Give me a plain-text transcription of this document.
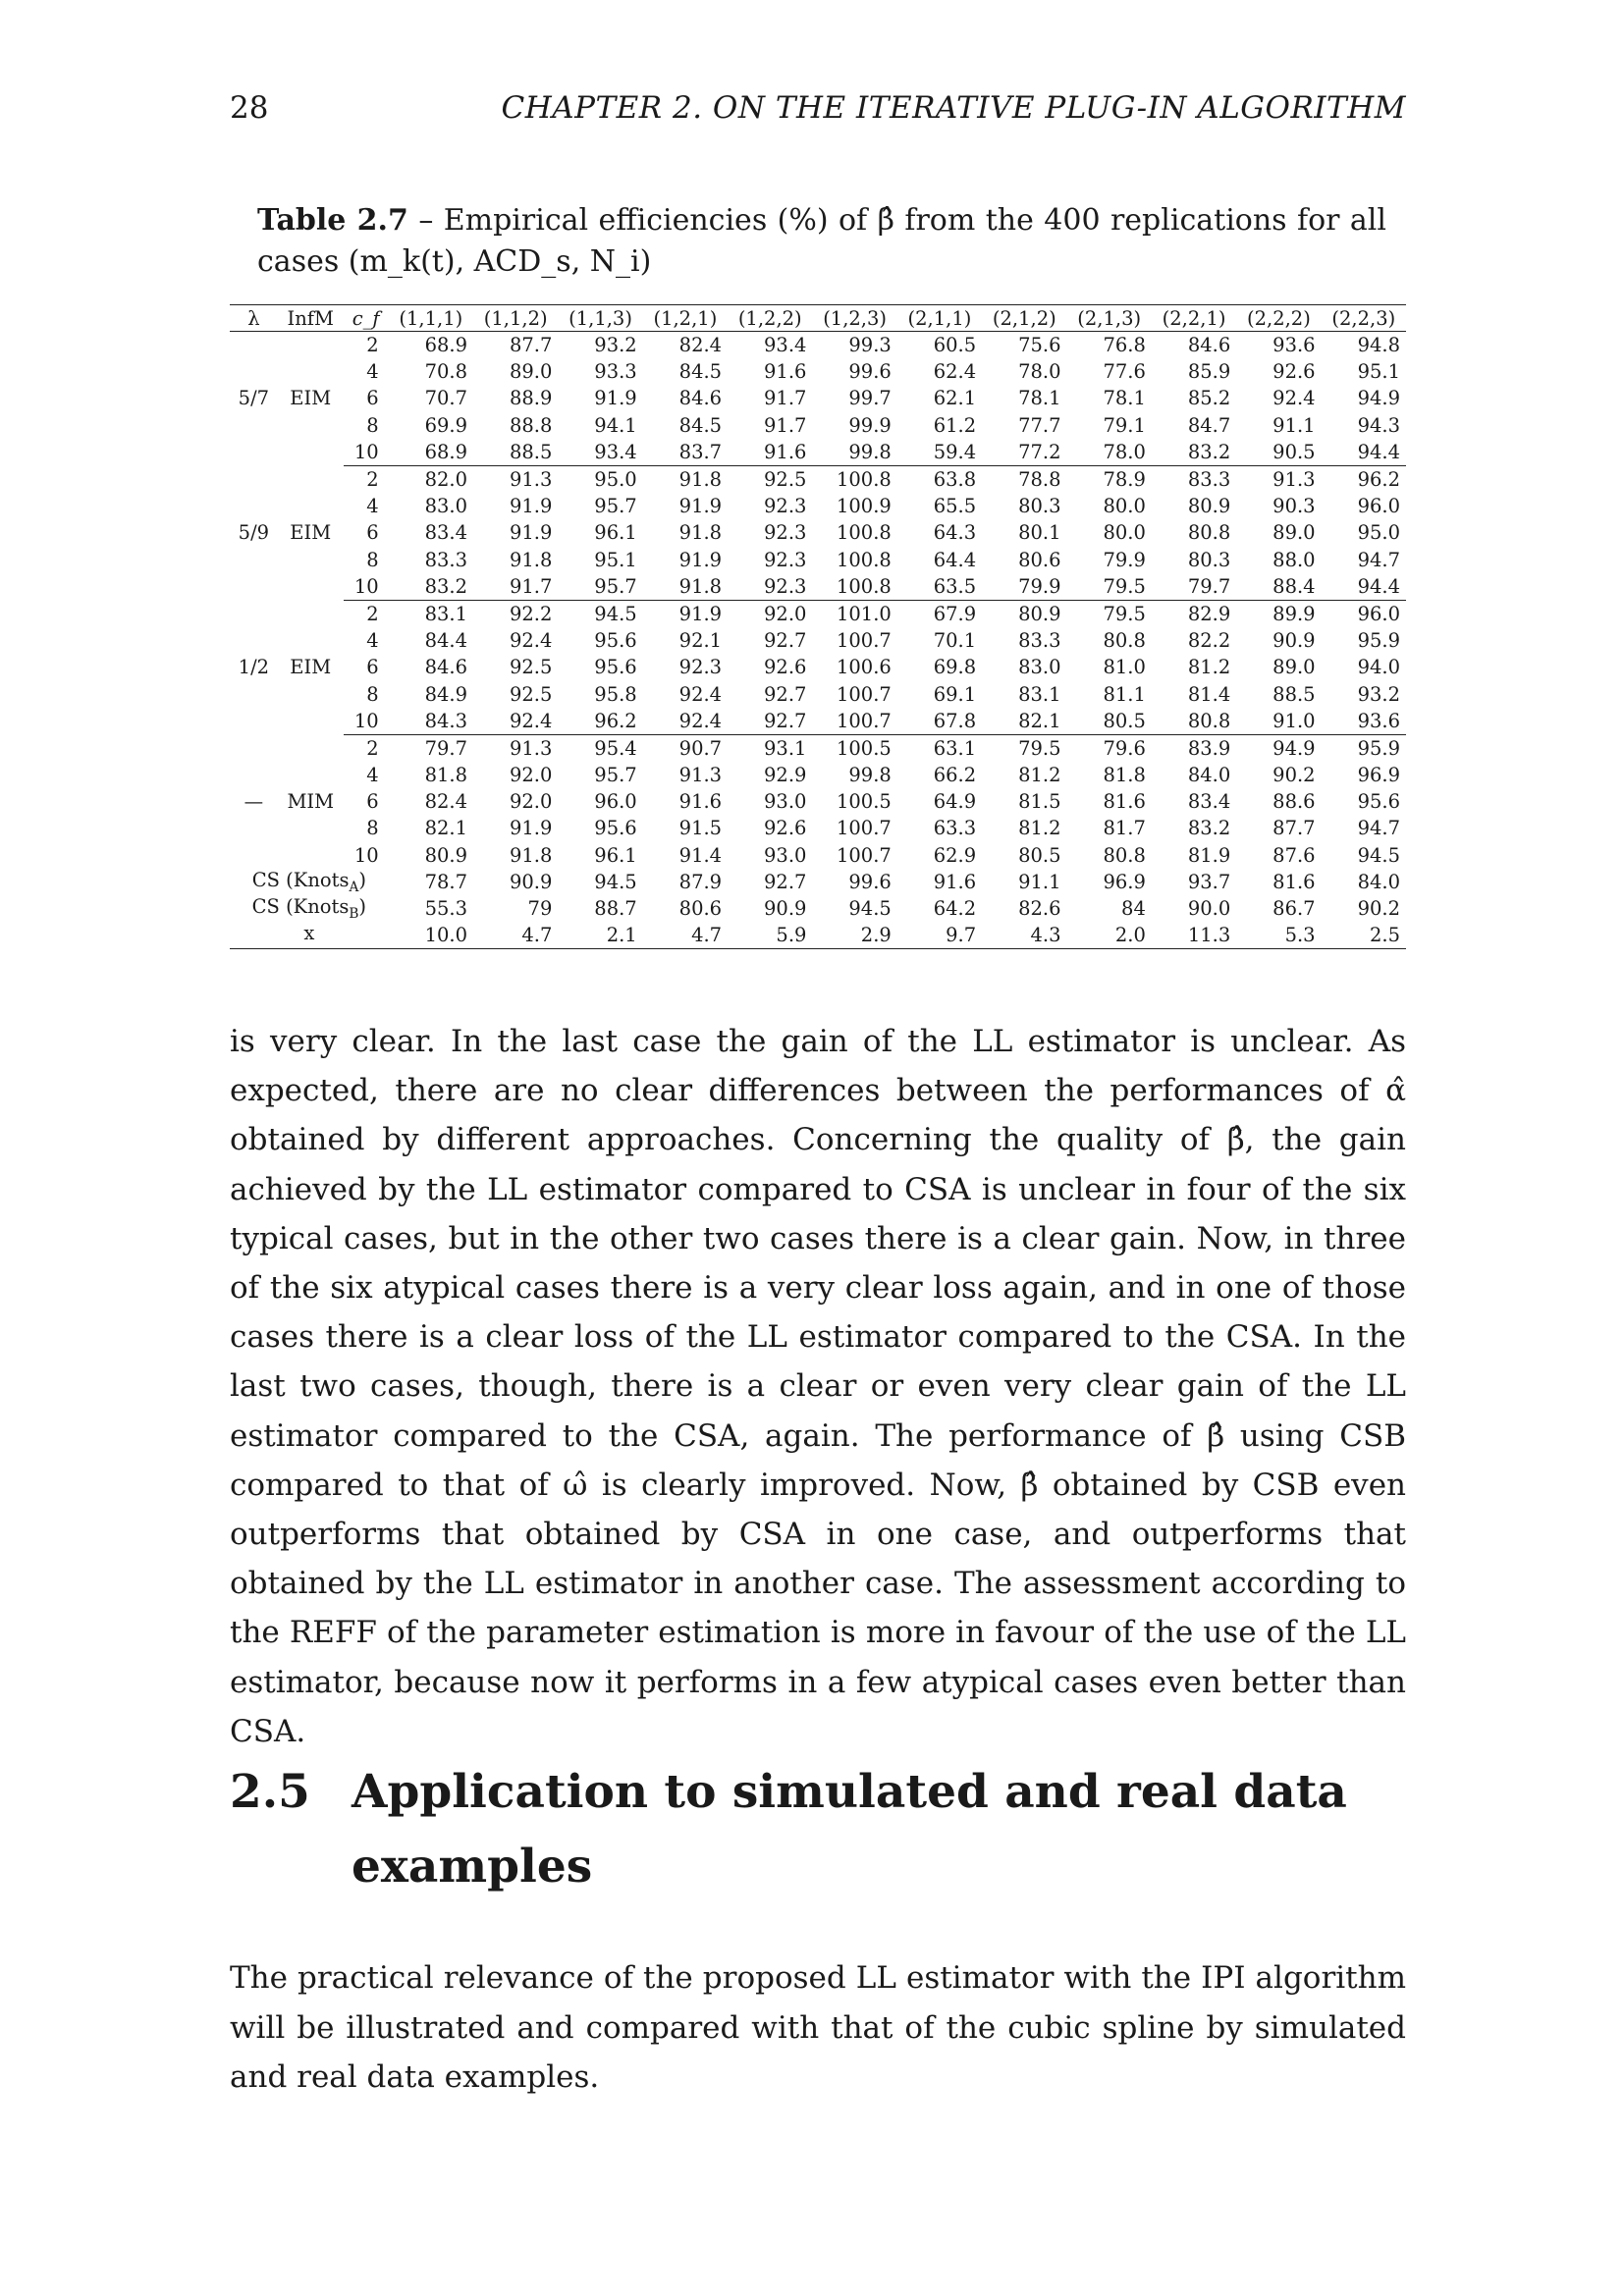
28	CHAPTER 2. ON THE ITERATIVE PLUG-IN ALGORITHM
Table 2.7 – Empirical efficiencies (%) of β̂ from the 400 replications for all cases (m_k(t), ACD_s, N_i)
λ	InfM	c_f	(1,1,1)	(1,1,2)	(1,1,3)	(1,2,1)	(1,2,2)	(1,2,3)	(2,1,1)	(2,1,2)	(2,1,3)	(2,2,1)	(2,2,2)	(2,2,3)
		2	68.9	87.7	93.2	82.4	93.4	99.3	60.5	75.6	76.8	84.6	93.6	94.8
		4	70.8	89.0	93.3	84.5	91.6	99.6	62.4	78.0	77.6	85.9	92.6	95.1
5/7	EIM	6	70.7	88.9	91.9	84.6	91.7	99.7	62.1	78.1	78.1	85.2	92.4	94.9
		8	69.9	88.8	94.1	84.5	91.7	99.9	61.2	77.7	79.1	84.7	91.1	94.3
		10	68.9	88.5	93.4	83.7	91.6	99.8	59.4	77.2	78.0	83.2	90.5	94.4
		2	82.0	91.3	95.0	91.8	92.5	100.8	63.8	78.8	78.9	83.3	91.3	96.2
		4	83.0	91.9	95.7	91.9	92.3	100.9	65.5	80.3	80.0	80.9	90.3	96.0
5/9	EIM	6	83.4	91.9	96.1	91.8	92.3	100.8	64.3	80.1	80.0	80.8	89.0	95.0
		8	83.3	91.8	95.1	91.9	92.3	100.8	64.4	80.6	79.9	80.3	88.0	94.7
		10	83.2	91.7	95.7	91.8	92.3	100.8	63.5	79.9	79.5	79.7	88.4	94.4
		2	83.1	92.2	94.5	91.9	92.0	101.0	67.9	80.9	79.5	82.9	89.9	96.0
		4	84.4	92.4	95.6	92.1	92.7	100.7	70.1	83.3	80.8	82.2	90.9	95.9
1/2	EIM	6	84.6	92.5	95.6	92.3	92.6	100.6	69.8	83.0	81.0	81.2	89.0	94.0
		8	84.9	92.5	95.8	92.4	92.7	100.7	69.1	83.1	81.1	81.4	88.5	93.2
		10	84.3	92.4	96.2	92.4	92.7	100.7	67.8	82.1	80.5	80.8	91.0	93.6
		2	79.7	91.3	95.4	90.7	93.1	100.5	63.1	79.5	79.6	83.9	94.9	95.9
		4	81.8	92.0	95.7	91.3	92.9	99.8	66.2	81.2	81.8	84.0	90.2	96.9
—	MIM	6	82.4	92.0	96.0	91.6	93.0	100.5	64.9	81.5	81.6	83.4	88.6	95.6
		8	82.1	91.9	95.6	91.5	92.6	100.7	63.3	81.2	81.7	83.2	87.7	94.7
		10	80.9	91.8	96.1	91.4	93.0	100.7	62.9	80.5	80.8	81.9	87.6	94.5
CS (Knots$_A$)			78.7	90.9	94.5	87.9	92.7	99.6	91.6	91.1	96.9	93.7	81.6	84.0
CS (Knots$_B$)			55.3	79	88.7	80.6	90.9	94.5	64.2	82.6	84	90.0	86.7	90.2
x			10.0	4.7	2.1	4.7	5.9	2.9	9.7	4.3	2.0	11.3	5.3	2.5
is very clear. In the last case the gain of the LL estimator is unclear. As expected, there are no clear differences between the performances of α̂ obtained by different approaches. Concerning the quality of β̂, the gain achieved by the LL estimator compared to CSA is unclear in four of the six typical cases, but in the other two cases there is a clear gain. Now, in three of the six atypical cases there is a very clear loss again, and in one of those cases there is a clear loss of the LL estimator compared to the CSA. In the last two cases, though, there is a clear or even very clear gain of the LL estimator compared to the CSA, again. The performance of β̂ using CSB compared to that of ω̂ is clearly improved. Now, β̂ obtained by CSB even outperforms that obtained by CSA in one case, and outperforms that obtained by the LL estimator in another case. The assessment according to the REFF of the parameter estimation is more in favour of the use of the LL estimator, because now it performs in a few atypical cases even better than CSA.
2.5 Application to simulated and real data examples
The practical relevance of the proposed LL estimator with the IPI algorithm will be illustrated and compared with that of the cubic spline by simulated and real data examples.
